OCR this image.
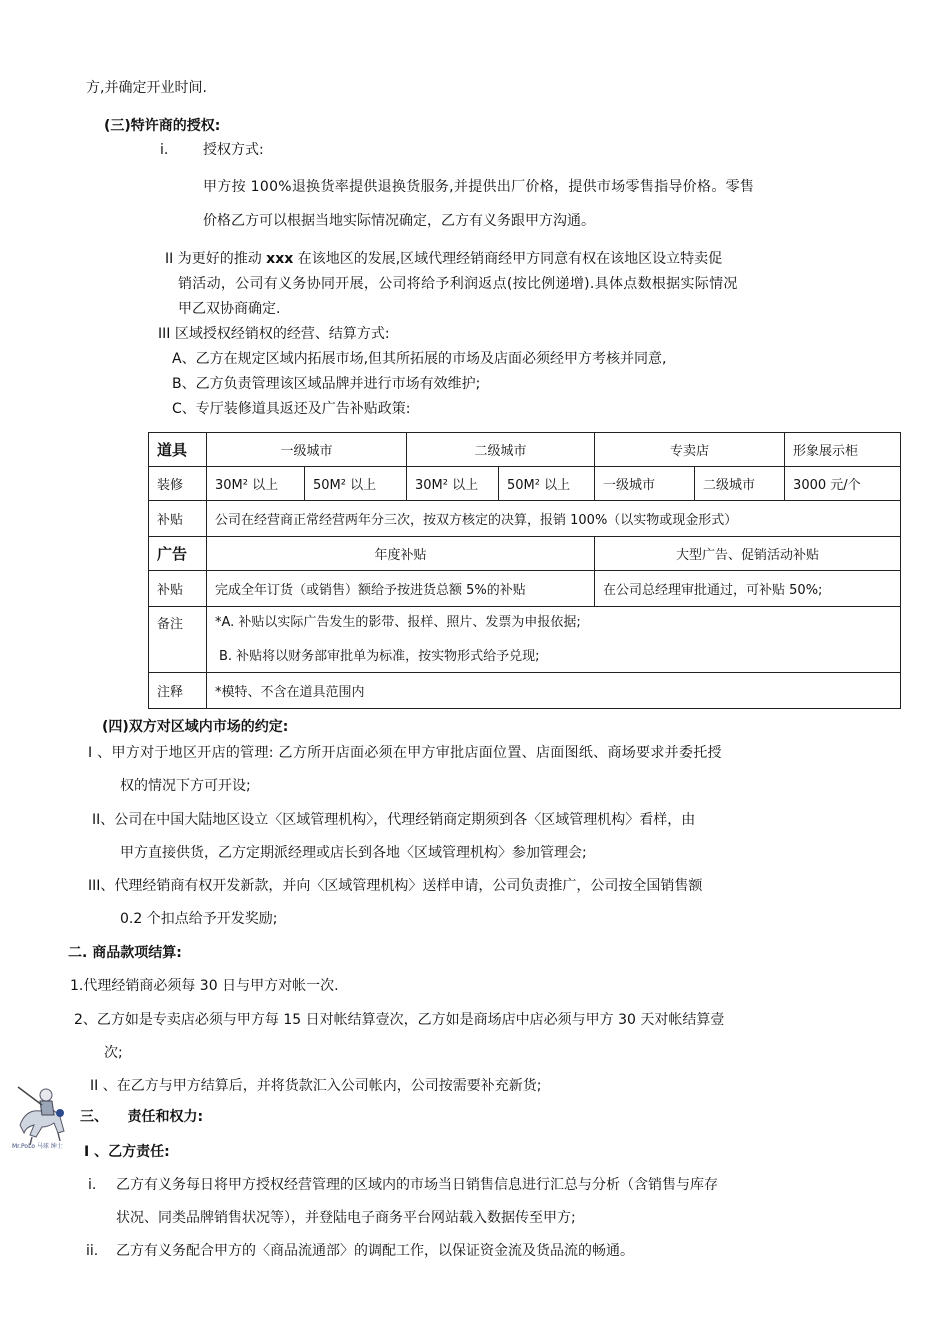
方,并确定开业时间.
(三)特许商的授权:
i. 授权方式:
甲方按 100%退换货率提供退换货服务,并提供出厂价格，提供市场零售指导价格。零售
价格乙方可以根据当地实际情况确定，乙方有义务跟甲方沟通。
II 为更好的推动 xxx 在该地区的发展,区域代理经销商经甲方同意有权在该地区设立特卖促
销活动，公司有义务协同开展，公司将给予利润返点(按比例递增).具体点数根据实际情况
甲乙双协商确定.
III 区域授权经销权的经营、结算方式:
A、乙方在规定区域内拓展市场,但其所拓展的市场及店面必须经甲方考核并同意,
B、乙方负责管理该区域品牌并进行市场有效维护;
C、专厅装修道具返还及广告补贴政策:
道具	一级城市		二级城市		专卖店		形象展示柜
装修	30M² 以上	50M² 以上	30M² 以上	50M² 以上	一级城市	二级城市	3000 元/个
补贴	公司在经营商正常经营两年分三次，按双方核定的决算，报销 100%（以实物或现金形式）						
广告	年度补贴				大型广告、促销活动补贴		
补贴	完成全年订货（或销售）额给予按进货总额 5%的补贴				在公司总经理审批通过，可补贴 50%;		
备注	*A. 补贴以实际广告发生的影带、报样、照片、发票为申报依据;
B. 补贴将以财务部审批单为标准，按实物形式给予兑现;						

注释	*模特、不含在道具范围内						
(四)双方对区域内市场的约定:
I 、甲方对于地区开店的管理: 乙方所开店面必须在甲方审批店面位置、店面图纸、商场要求并委托授
权的情况下方可开设;
II、公司在中国大陆地区设立〈区域管理机构〉，代理经销商定期须到各〈区域管理机构〉看样，由
甲方直接供货，乙方定期派经理或店长到各地〈区域管理机构〉参加管理会;
III、代理经销商有权开发新款，并向〈区域管理机构〉送样申请，公司负责推广，公司按全国销售额
0.2 个扣点给予开发奖励;
二. 商品款项结算:
1.代理经销商必须每 30 日与甲方对帐一次.
2、乙方如是专卖店必须与甲方每 15 日对帐结算壹次，乙方如是商场店中店必须与甲方 30 天对帐结算壹
次;
II 、在乙方与甲方结算后，并将货款汇入公司帐内，公司按需要补充新货;
三、    责任和权力:
I 、乙方责任:
i. 乙方有义务每日将甲方授权经营管理的区域内的市场当日销售信息进行汇总与分析（含销售与库存
状况、同类品牌销售状况等），并登陆电子商务平台网站载入数据传至甲方;
ii. 乙方有义务配合甲方的〈商品流通部〉的调配工作，以保证资金流及货品流的畅通。
Mr.PoLo 马球 绅士
